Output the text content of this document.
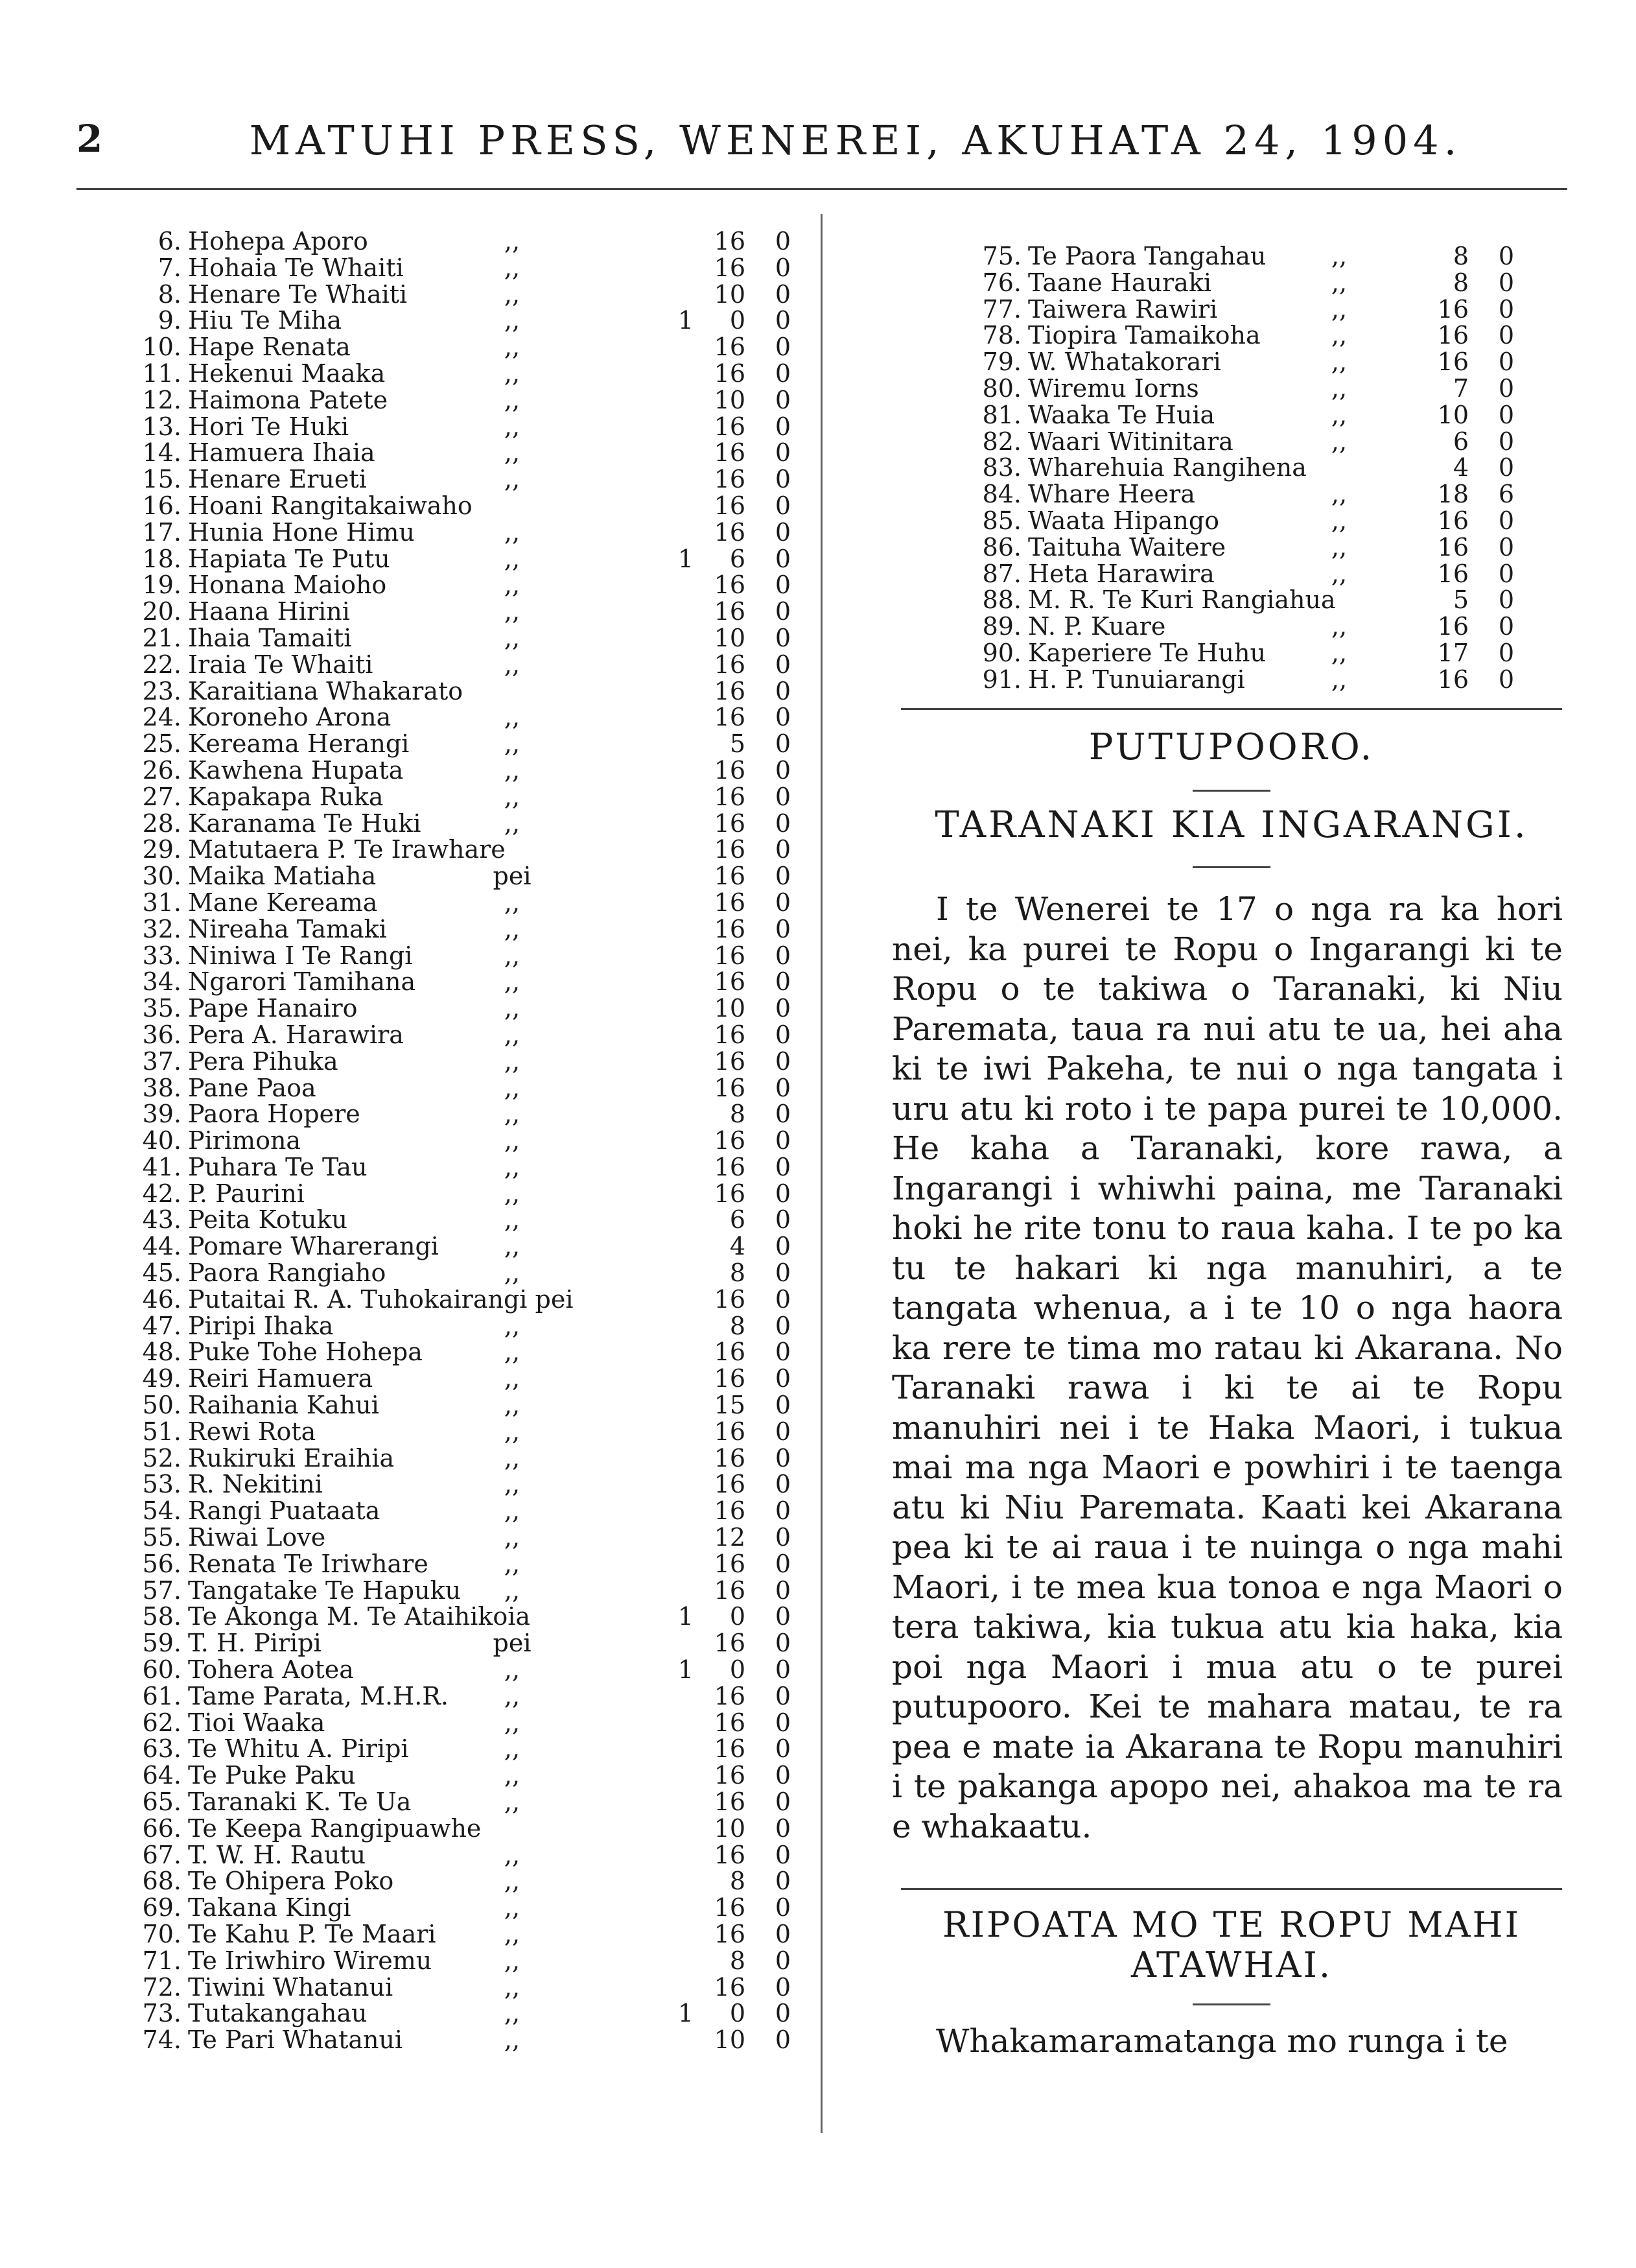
2	MATUHI PRESS, WENEREI, AKUHATA 24, 1904.
6. Hohepa Aporo	,,	16	0
7. Hohaia Te Whaiti	,,	16	0
8. Henare Te Whaiti	,,	10	0
9. Hiu Te Miha	,,	1	0	0
10. Hape Renata	,,	16	0
11. Hekenui Maaka	,,	16	0
12. Haimona Patete	,,	10	0
13. Hori Te Huki	,,	16	0
14. Hamuera Ihaia	,,	16	0
15. Henare Erueti	,,	16	0
16. Hoani Rangitakaiwaho	16	0
17. Hunia Hone Himu	,,	16	0
18. Hapiata Te Putu	,,	1	6	0
19. Honana Maioho	,,	16	0
20. Haana Hirini	,,	16	0
21. Ihaia Tamaiti	,,	10	0
22. Iraia Te Whaiti	,,	16	0
23. Karaitiana Whakarato	16	0
24. Koroneho Arona	,,	16	0
25. Kereama Herangi	,,	5	0
26. Kawhena Hupata	,,	16	0
27. Kapakapa Ruka	,,	16	0
28. Karanama Te Huki	,,	16	0
29. Matutaera P. Te Irawhare	16	0
30. Maika Matiaha	pei	16	0
31. Mane Kereama	,,	16	0
32. Nireaha Tamaki	,,	16	0
33. Niniwa I Te Rangi	,,	16	0
34. Ngarori Tamihana	,,	16	0
35. Pape Hanairo	,,	10	0
36. Pera A. Harawira	,,	16	0
37. Pera Pihuka	,,	16	0
38. Pane Paoa	,,	16	0
39. Paora Hopere	,,	8	0
40. Pirimona	,,	16	0
41. Puhara Te Tau	,,	16	0
42. P. Paurini	,,	16	0
43. Peita Kotuku	,,	6	0
44. Pomare Wharerangi	,,	4	0
45. Paora Rangiaho	,,	8	0
46. Putaitai R. A. Tuhokairangi pei	16	0
47. Piripi Ihaka	,,	8	0
48. Puke Tohe Hohepa	,,	16	0
49. Reiri Hamuera	,,	16	0
50. Raihania Kahui	,,	15	0
51. Rewi Rota	,,	16	0
52. Rukiruki Eraihia	,,	16	0
53. R. Nekitini	,,	16	0
54. Rangi Puataata	,,	16	0
55. Riwai Love	,,	12	0
56. Renata Te Iriwhare	,,	16	0
57. Tangatake Te Hapuku	,,	16	0
58. Te Akonga M. Te Ataihikoia	1	0	0
59. T. H. Piripi	pei	16	0
60. Tohera Aotea	,,	1	0	0
61. Tame Parata, M.H.R.	,,	16	0
62. Tioi Waaka	,,	16	0
63. Te Whitu A. Piripi	,,	16	0
64. Te Puke Paku	,,	16	0
65. Taranaki K. Te Ua	,,	16	0
66. Te Keepa Rangipuawhe	10	0
67. T. W. H. Rautu	,,	16	0
68. Te Ohipera Poko	,,	8	0
69. Takana Kingi	,,	16	0
70. Te Kahu P. Te Maari	,,	16	0
71. Te Iriwhiro Wiremu	,,	8	0
72. Tiwini Whatanui	,,	16	0
73. Tutakangahau	,,	1	0	0
74. Te Pari Whatanui	,,	10	0
75. Te Paora Tangahau	,,	8	0
76. Taane Hauraki	,,	8	0
77. Taiwera Rawiri	,,	16	0
78. Tiopira Tamaikoha	,,	16	0
79. W. Whatakorari	,,	16	0
80. Wiremu Iorns	,,	7	0
81. Waaka Te Huia	,,	10	0
82. Waari Witinitara	,,	6	0
83. Wharehuia Rangihena	4	0
84. Whare Heera	,,	18	6
85. Waata Hipango	,,	16	0
86. Taituha Waitere	,,	16	0
87. Heta Harawira	,,	16	0
88. M. R. Te Kuri Rangiahua	5	0
89. N. P. Kuare	,,	16	0
90. Kaperiere Te Huhu	,,	17	0
91. H. P. Tunuiarangi	,,	16	0
PUTUPOORO.
TARANAKI KIA INGARANGI.

I te Wenerei te 17 o nga ra ka hori nei, ka purei te Ropu o Ingarangi ki te Ropu o te takiwa o Taranaki, ki Niu Paremata, taua ra nui atu te ua, hei aha ki te iwi Pakeha, te nui o nga tangata i uru atu ki roto i te papa purei te 10,000. He kaha a Taranaki, kore rawa, a Ingarangi i whiwhi paina, me Taranaki hoki he rite tonu to raua kaha. I te po ka tu te hakari ki nga manuhiri, a te tangata whenua, a i te 10 o nga haora ka rere te tima mo ratau ki Akarana. No Taranaki rawa i ki te ai te Ropu manuhiri nei i te Haka Maori, i tukua mai ma nga Maori e powhiri i te taenga atu ki Niu Paremata. Kaati kei Akarana pea ki te ai raua i te nuinga o nga mahi Maori, i te mea kua tonoa e nga Maori o tera takiwa, kia tukua atu kia haka, kia poi nga Maori i mua atu o te purei putupooro. Kei te mahara matau, te ra pea e mate ia Akarana te Ropu manuhiri i te pakanga apopo nei, ahakoa ma te ra e whakaatu.

RIPOATA MO TE ROPU MAHI
ATAWHAI.

Whakamaramatanga mo runga i te
